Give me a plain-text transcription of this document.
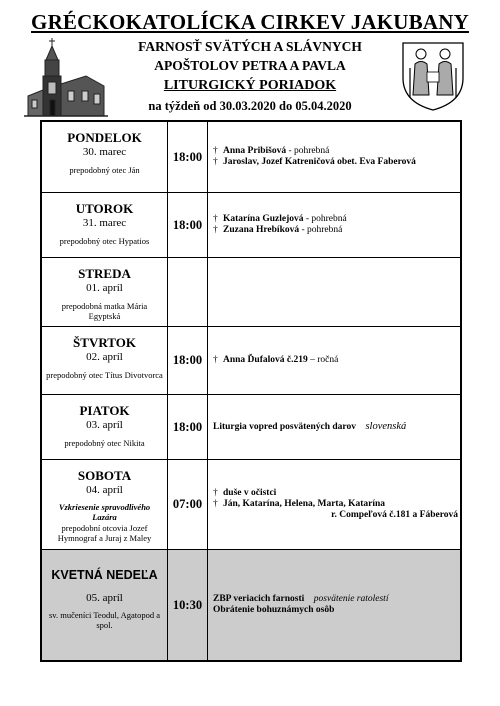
GRÉCKOKATOLÍCKA CIRKEV JAKUBANY
FARNOSŤ SVÄTÝCH A SLÁVNYCH
APOŠTOLOV PETRA A PAVLA
LITURGICKÝ PORIADOK
na týždeň od 30.03.2020 do 05.04.2020
PONDELOK
30. marec
prepodobný otec Ján
18:00	† Anna Pribišová - pohrebná
† Jaroslav, Jozef Katreničová obet. Eva Faberová
UTOROK
31. marec
prepodobný otec Hypatios
18:00	† Katarína Guzlejová - pohrebná
† Zuzana Hrebíková - pohrebná
STREDA
01. apríl
prepodobná matka Mária Egyptská
ŠTVRTOK
02. apríl
prepodobný otec Títus Divotvorca
18:00	† Anna Ďufalová č.219 – ročná
PIATOK
03. apríl
prepodobný otec Nikita
18:00	Liturgia vopred posvätených darov slovenská
SOBOTA
04. apríl
Vzkriesenie spravodlivého Lazára
prepodobní otcovia Jozef Hymnograf a Juraj z Maley
07:00
† duše v očistci
† Ján, Katarína, Helena, Marta, Katarína
r. Compeľová č.181 a Fáberová
KVETNÁ NEDEĽA
05. apríl
sv. mučeníci Teodul, Agatopod a spol.
10:30	ZBP veriacich farnosti posvätenie ratolestí
Obrátenie bohuznámych osôb
